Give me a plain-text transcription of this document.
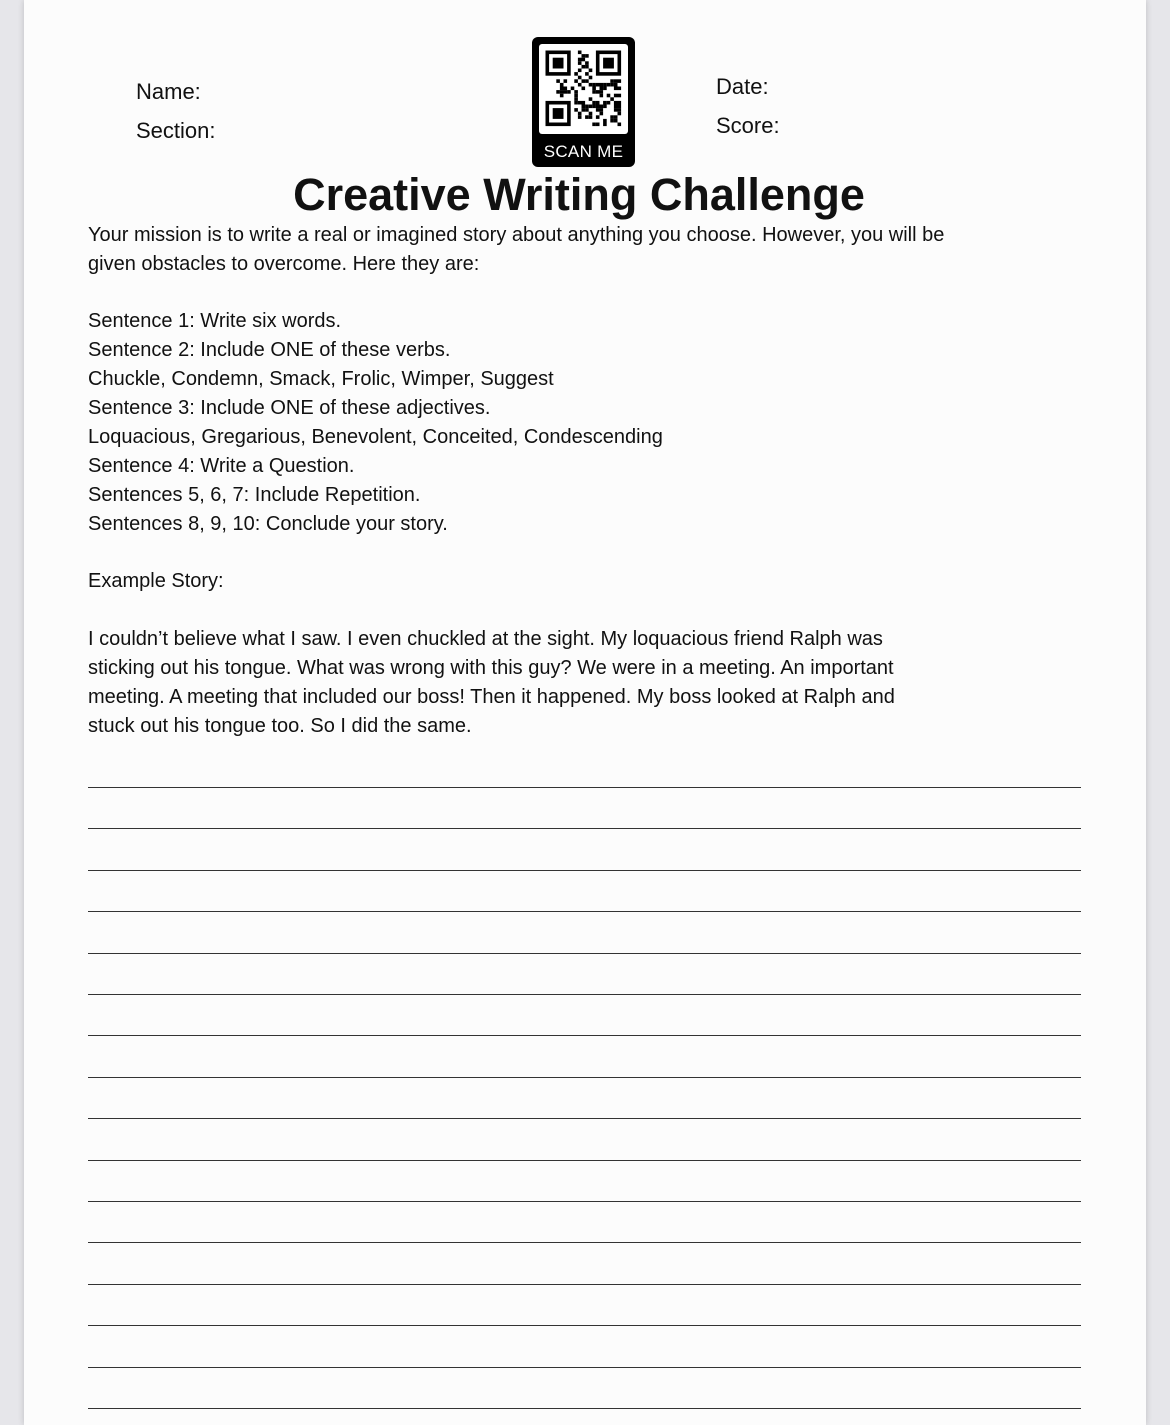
Name:
Section:
Date:
Score:
SCAN ME
Creative Writing Challenge
Your mission is to write a real or imagined story about anything you choose. However, you will be
given obstacles to overcome. Here they are:
Sentence 1: Write six words.
Sentence 2: Include ONE of these verbs.
Chuckle, Condemn, Smack, Frolic, Wimper, Suggest
Sentence 3: Include ONE of these adjectives.
Loquacious, Gregarious, Benevolent, Conceited, Condescending
Sentence 4: Write a Question.
Sentences 5, 6, 7: Include Repetition.
Sentences 8, 9, 10: Conclude your story.
Example Story:
I couldn’t believe what I saw. I even chuckled at the sight. My loquacious friend Ralph was
sticking out his tongue. What was wrong with this guy? We were in a meeting. An important
meeting. A meeting that included our boss! Then it happened. My boss looked at Ralph and
stuck out his tongue too. So I did the same.
